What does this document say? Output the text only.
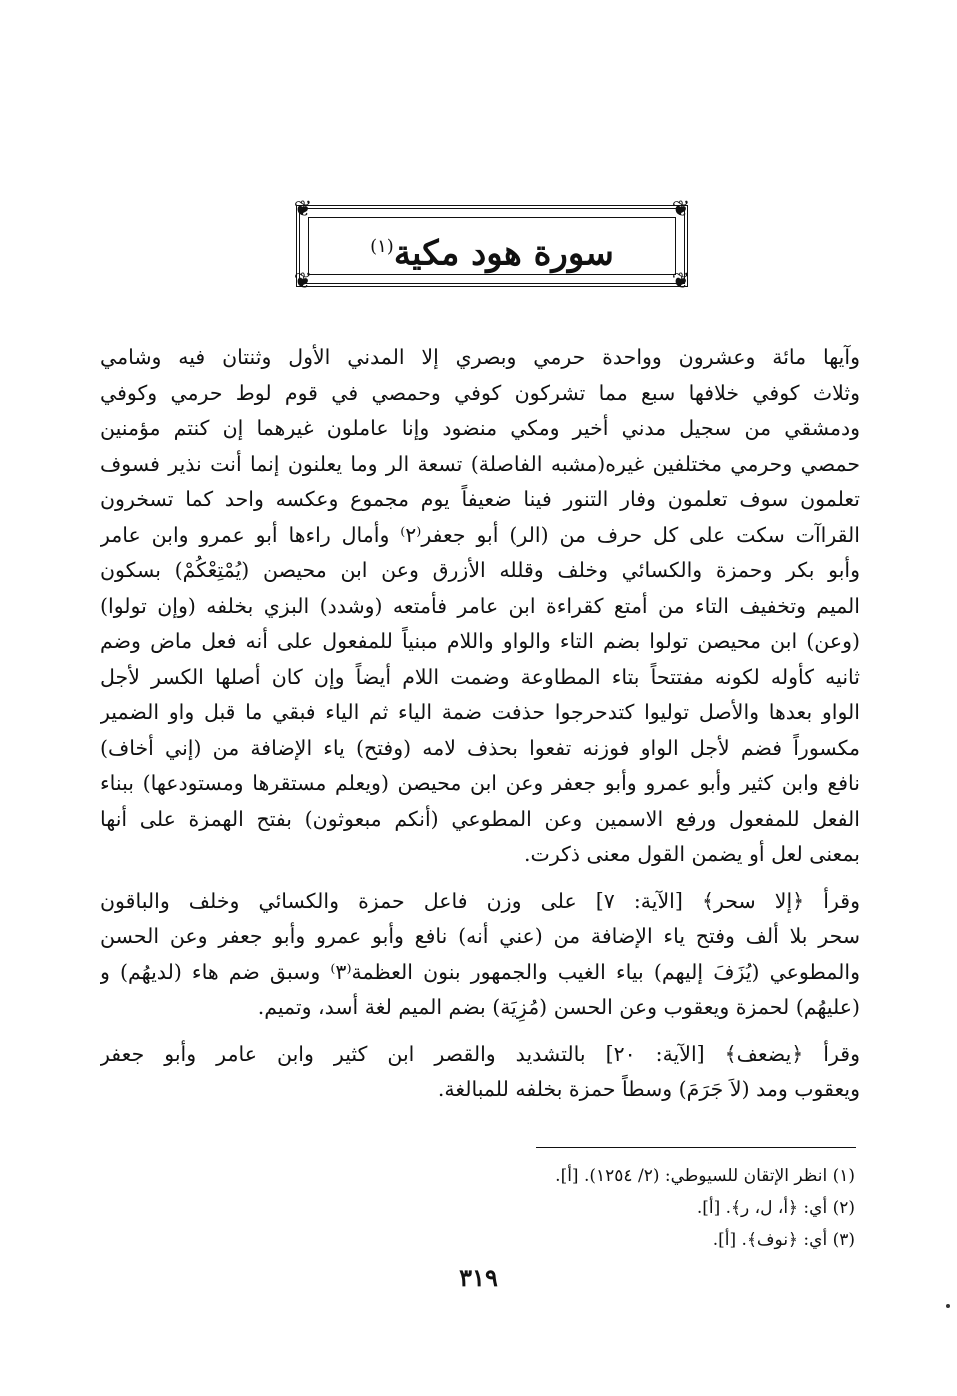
❦	❦
❦	❦
سورة هود مكية$^{(١)}$
وآيها مائة وعشرون وواحدة حرمي وبصري إلا المدني الأول وثنتان فيه وشامي
وثلاث كوفي خلافها سبع مما تشركون كوفي وحمصي في قوم لوط حرمي وكوفي
ودمشقي من سجيل مدني أخير ومكي منضود وإنا عاملون غيرهما إن كنتم مؤمنين
حمصي وحرمي مختلفين غيره(مشبه الفاصلة) تسعة الر وما يعلنون إنما أنت نذير فسوف
تعلمون سوف تعلمون وفار التنور فينا ضعيفاً يوم مجموع وعكسه واحد كما تسخرون
القراآت سكت على كل حرف من (الر) أبو جعفر⁽٢⁾ وأمال راءها أبو عمرو وابن عامر
وأبو بكر وحمزة والكسائي وخلف وقلله الأزرق وعن ابن محيصن (يُمْتِعْكُمْ) بسكون
الميم وتخفيف التاء من أمتع كقراءة ابن عامر فأمتعه (وشدد) البزي بخلفه (وإن تولوا)
(وعن) ابن محيصن تولوا بضم التاء والواو واللام مبنياً للمفعول على أنه فعل ماض وضم
ثانيه كأوله لكونه مفتتحاً بتاء المطاوعة وضمت اللام أيضاً وإن كان أصلها الكسر لأجل
الواو بعدها والأصل توليوا كتدحرجوا حذفت ضمة الياء ثم الياء فبقي ما قبل واو الضمير
مكسوراً فضم لأجل الواو فوزنه تفعوا بحذف لامه (وفتح) ياء الإضافة من (إني أخاف)
نافع وابن كثير وأبو عمرو وأبو جعفر وعن ابن محيصن (ويعلم مستقرها ومستودعها) ببناء
الفعل للمفعول ورفع الاسمين وعن المطوعي (أنكم مبعوثون) بفتح الهمزة على أنها
بمعنى لعل أو يضمن القول معنى ذكرت.
وقرأ ﴿إلا سحر﴾ [الآية: ٧] على وزن فاعل حمزة والكسائي وخلف والباقون
سحر بلا ألف وفتح ياء الإضافة من (عني أنه) نافع وأبو عمرو وأبو جعفر وعن الحسن
والمطوعي (يُزَفَ إليهم) بياء الغيب والجمهور بنون العظمة⁽٣⁾ وسبق ضم هاء (لديهُم) و
(عليهُم) لحمزة ويعقوب وعن الحسن (مُزِيَة) بضم الميم لغة أسد، وتميم.
وقرأ ﴿يضعف﴾ [الآية: ٢٠] بالتشديد والقصر ابن كثير وابن عامر وأبو جعفر
ويعقوب ومد (لاَ جَرَمَ) وسطاً حمزة بخلفه للمبالغة.
(١) انظر الإتقان للسيوطي: (٢/ ١٢٥٤). [أ].
(٢) أي: ﴿أ، ل، ر﴾. [أ].
(٣) أي: ﴿نوف﴾. [أ].
٣١٩
